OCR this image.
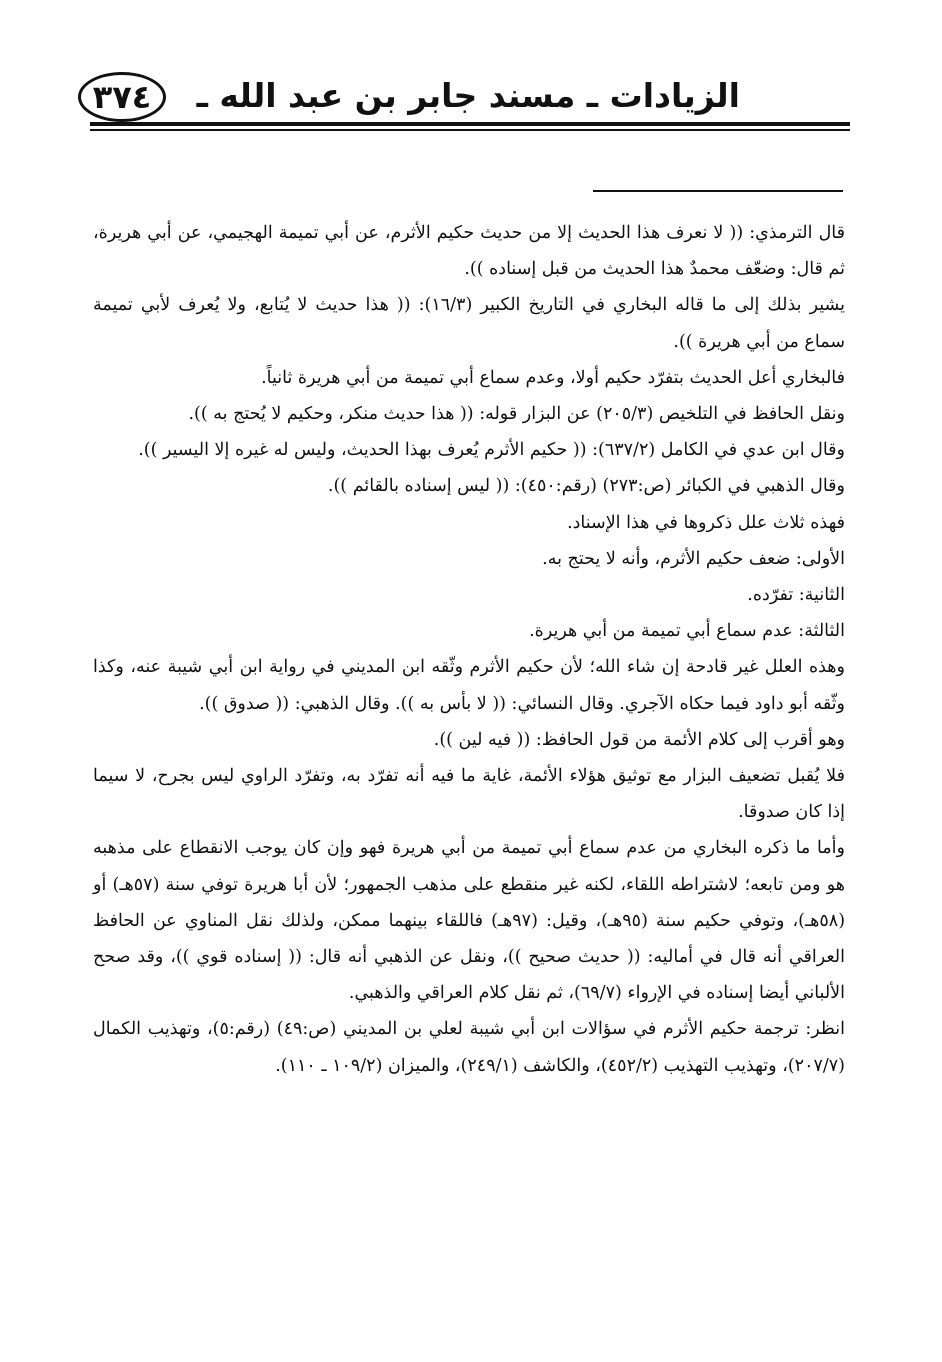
الزيادات ـ مسند جابر بن عبد الله ـ
٣٧٤

قال الترمذي: (( لا نعرف هذا الحديث إلا من حديث حكيم الأثرم، عن أبي تميمة الهجيمي، عن أبي هريرة، ثم قال: وضعّف محمدٌ هذا الحديث من قبل إسناده )).

يشير بذلك إلى ما قاله البخاري في التاريخ الكبير (١٦/٣): (( هذا حديث لا يُتابع، ولا يُعرف لأبي تميمة سماع من أبي هريرة )).

فالبخاري أعل الحديث بتفرّد حكيم أولا، وعدم سماع أبي تميمة من أبي هريرة ثانياً.

ونقل الحافظ في التلخيص (٢٠٥/٣) عن البزار قوله: (( هذا حديث منكر، وحكيم لا يُحتج به )).

وقال ابن عدي في الكامل (٦٣٧/٢): (( حكيم الأثرم يُعرف بهذا الحديث، وليس له غيره إلا اليسير )).

وقال الذهبي في الكبائر (ص:٢٧٣) (رقم:٤٥٠): (( ليس إسناده بالقائم )).

فهذه ثلاث علل ذكروها في هذا الإسناد.

الأولى: ضعف حكيم الأثرم، وأنه لا يحتج به.

الثانية: تفرّده.

الثالثة: عدم سماع أبي تميمة من أبي هريرة.

وهذه العلل غير قادحة إن شاء الله؛ لأن حكيم الأثرم وثّقه ابن المديني في رواية ابن أبي شيبة عنه، وكذا وثّقه أبو داود فيما حكاه الآجري. وقال النسائي: (( لا بأس به )). وقال الذهبي: (( صدوق )).

وهو أقرب إلى كلام الأئمة من قول الحافظ: (( فيه لين )).

فلا يُقبل تضعيف البزار مع توثيق هؤلاء الأئمة، غاية ما فيه أنه تفرّد به، وتفرّد الراوي ليس بجرح، لا سيما إذا كان صدوقا.

وأما ما ذكره البخاري من عدم سماع أبي تميمة من أبي هريرة فهو وإن كان يوجب الانقطاع على مذهبه هو ومن تابعه؛ لاشتراطه اللقاء، لكنه غير منقطع على مذهب الجمهور؛ لأن أبا هريرة توفي سنة (٥٧هـ) أو (٥٨هـ)، وتوفي حكيم سنة (٩٥هـ)، وقيل: (٩٧هـ) فاللقاء بينهما ممكن، ولذلك نقل المناوي عن الحافظ العراقي أنه قال في أماليه: (( حديث صحيح ))، ونقل عن الذهبي أنه قال: (( إسناده قوي ))، وقد صحح الألباني أيضا إسناده في الإرواء (٦٩/٧)، ثم نقل كلام العراقي والذهبي.

انظر: ترجمة حكيم الأثرم في سؤالات ابن أبي شيبة لعلي بن المديني (ص:٤٩) (رقم:٥)، وتهذيب الكمال (٢٠٧/٧)، وتهذيب التهذيب (٤٥٢/٢)، والكاشف (٢٤٩/١)، والميزان (١٠٩/٢ ـ ١١٠).
